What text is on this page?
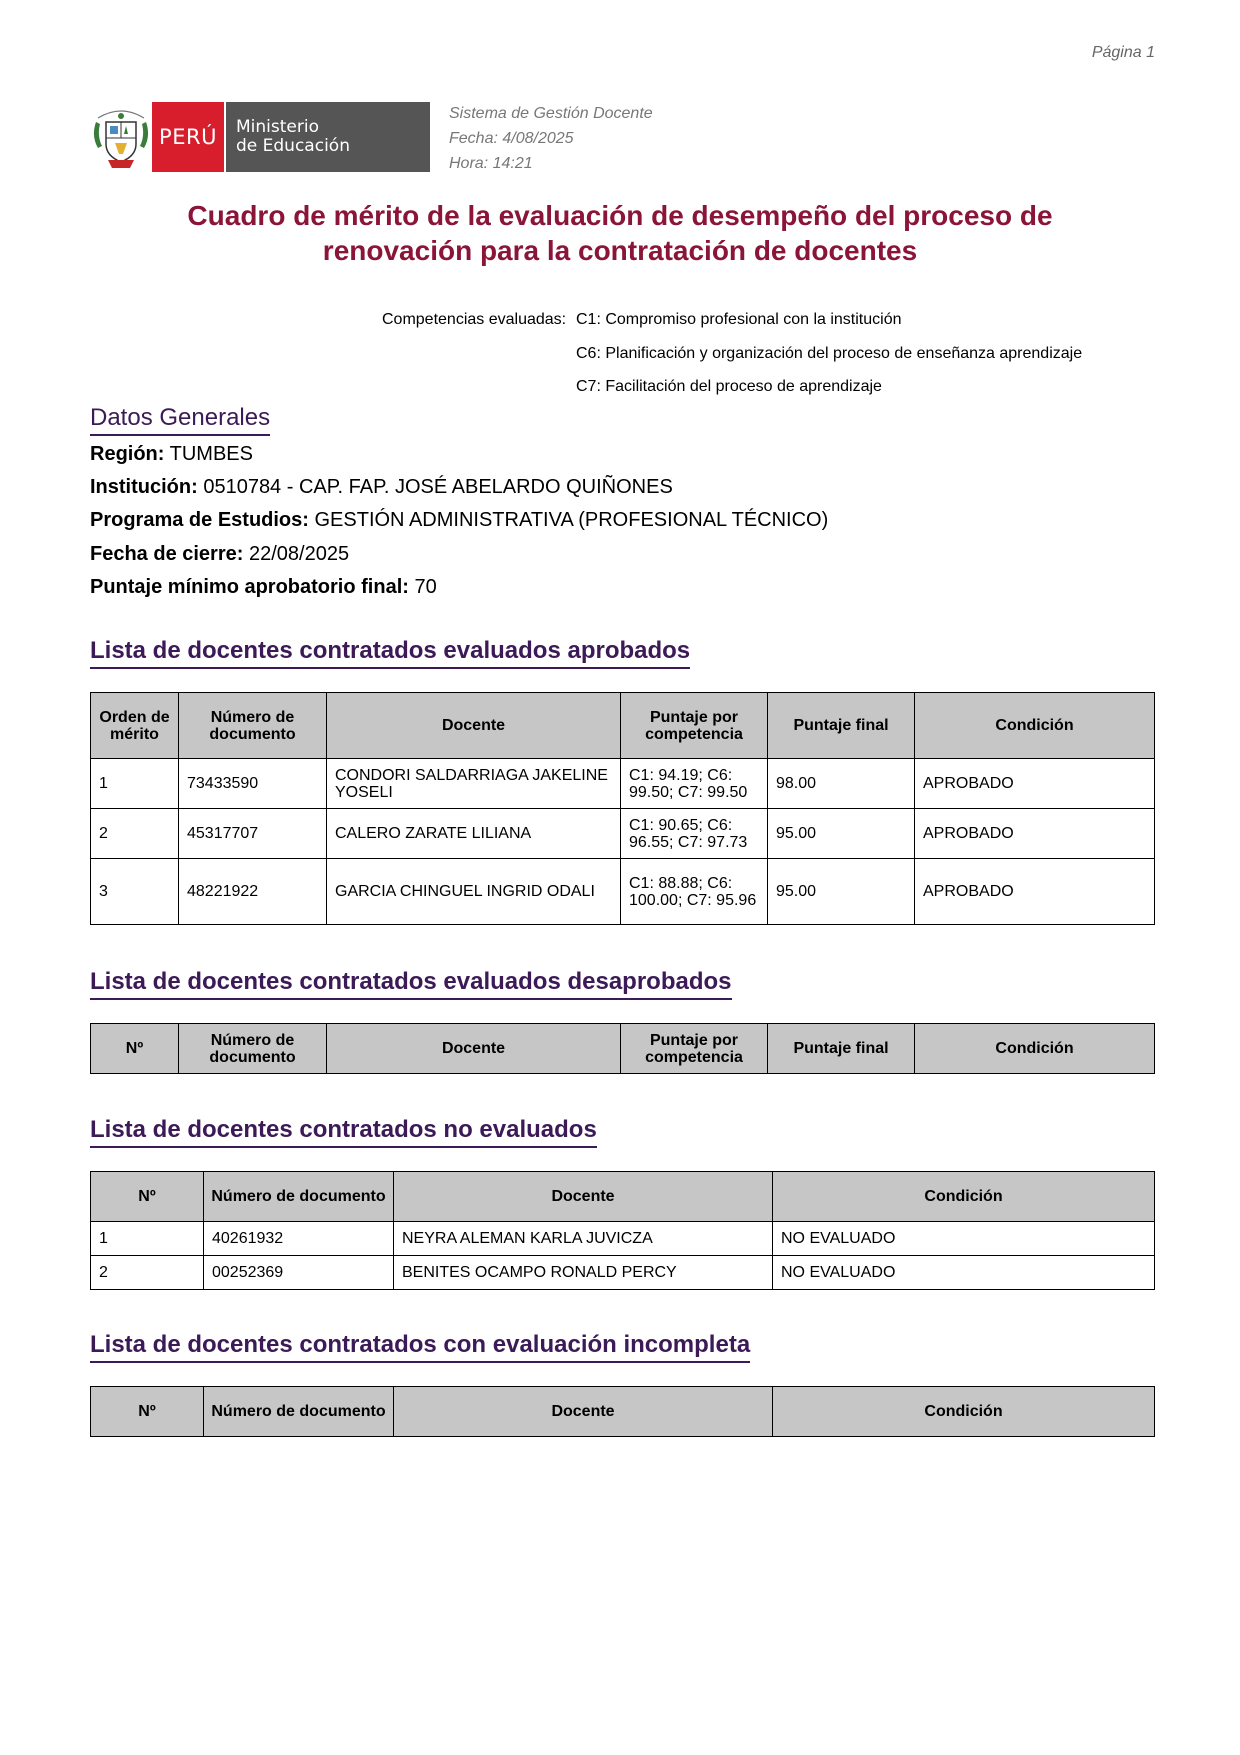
Página 1
PERÚ	Ministerio
de Educación
Sistema de Gestión Docente
Fecha: 4/08/2025
Hora: 14:21
Cuadro de mérito de la evaluación de desempeño del proceso de
renovación para la contratación de docentes
Competencias evaluadas: C1: Compromiso profesional con la institución
C6: Planificación y organización del proceso de enseñanza aprendizaje
C7: Facilitación del proceso de aprendizaje
Datos Generales
Región: TUMBES
Institución: 0510784 - CAP. FAP. JOSÉ ABELARDO QUIÑONES
Programa de Estudios: GESTIÓN ADMINISTRATIVA (PROFESIONAL TÉCNICO)
Fecha de cierre: 22/08/2025
Puntaje mínimo aprobatorio final: 70
Lista de docentes contratados evaluados aprobados
Orden de mérito	Número de documento	Docente	Puntaje por competencia	Puntaje final	Condición
1	73433590	CONDORI SALDARRIAGA JAKELINE YOSELI	C1: 94.19; C6: 99.50; C7: 99.50	98.00	APROBADO
2	45317707	CALERO ZARATE LILIANA	C1: 90.65; C6: 96.55; C7: 97.73	95.00	APROBADO
3	48221922	GARCIA CHINGUEL INGRID ODALI	C1: 88.88; C6: 100.00; C7: 95.96	95.00	APROBADO
Lista de docentes contratados evaluados desaprobados
Nº	Número de documento	Docente	Puntaje por competencia	Puntaje final	Condición
Lista de docentes contratados no evaluados
Nº	Número de documento	Docente	Condición
1	40261932	NEYRA ALEMAN KARLA JUVICZA	NO EVALUADO
2	00252369	BENITES OCAMPO RONALD PERCY	NO EVALUADO
Lista de docentes contratados con evaluación incompleta
Nº	Número de documento	Docente	Condición
